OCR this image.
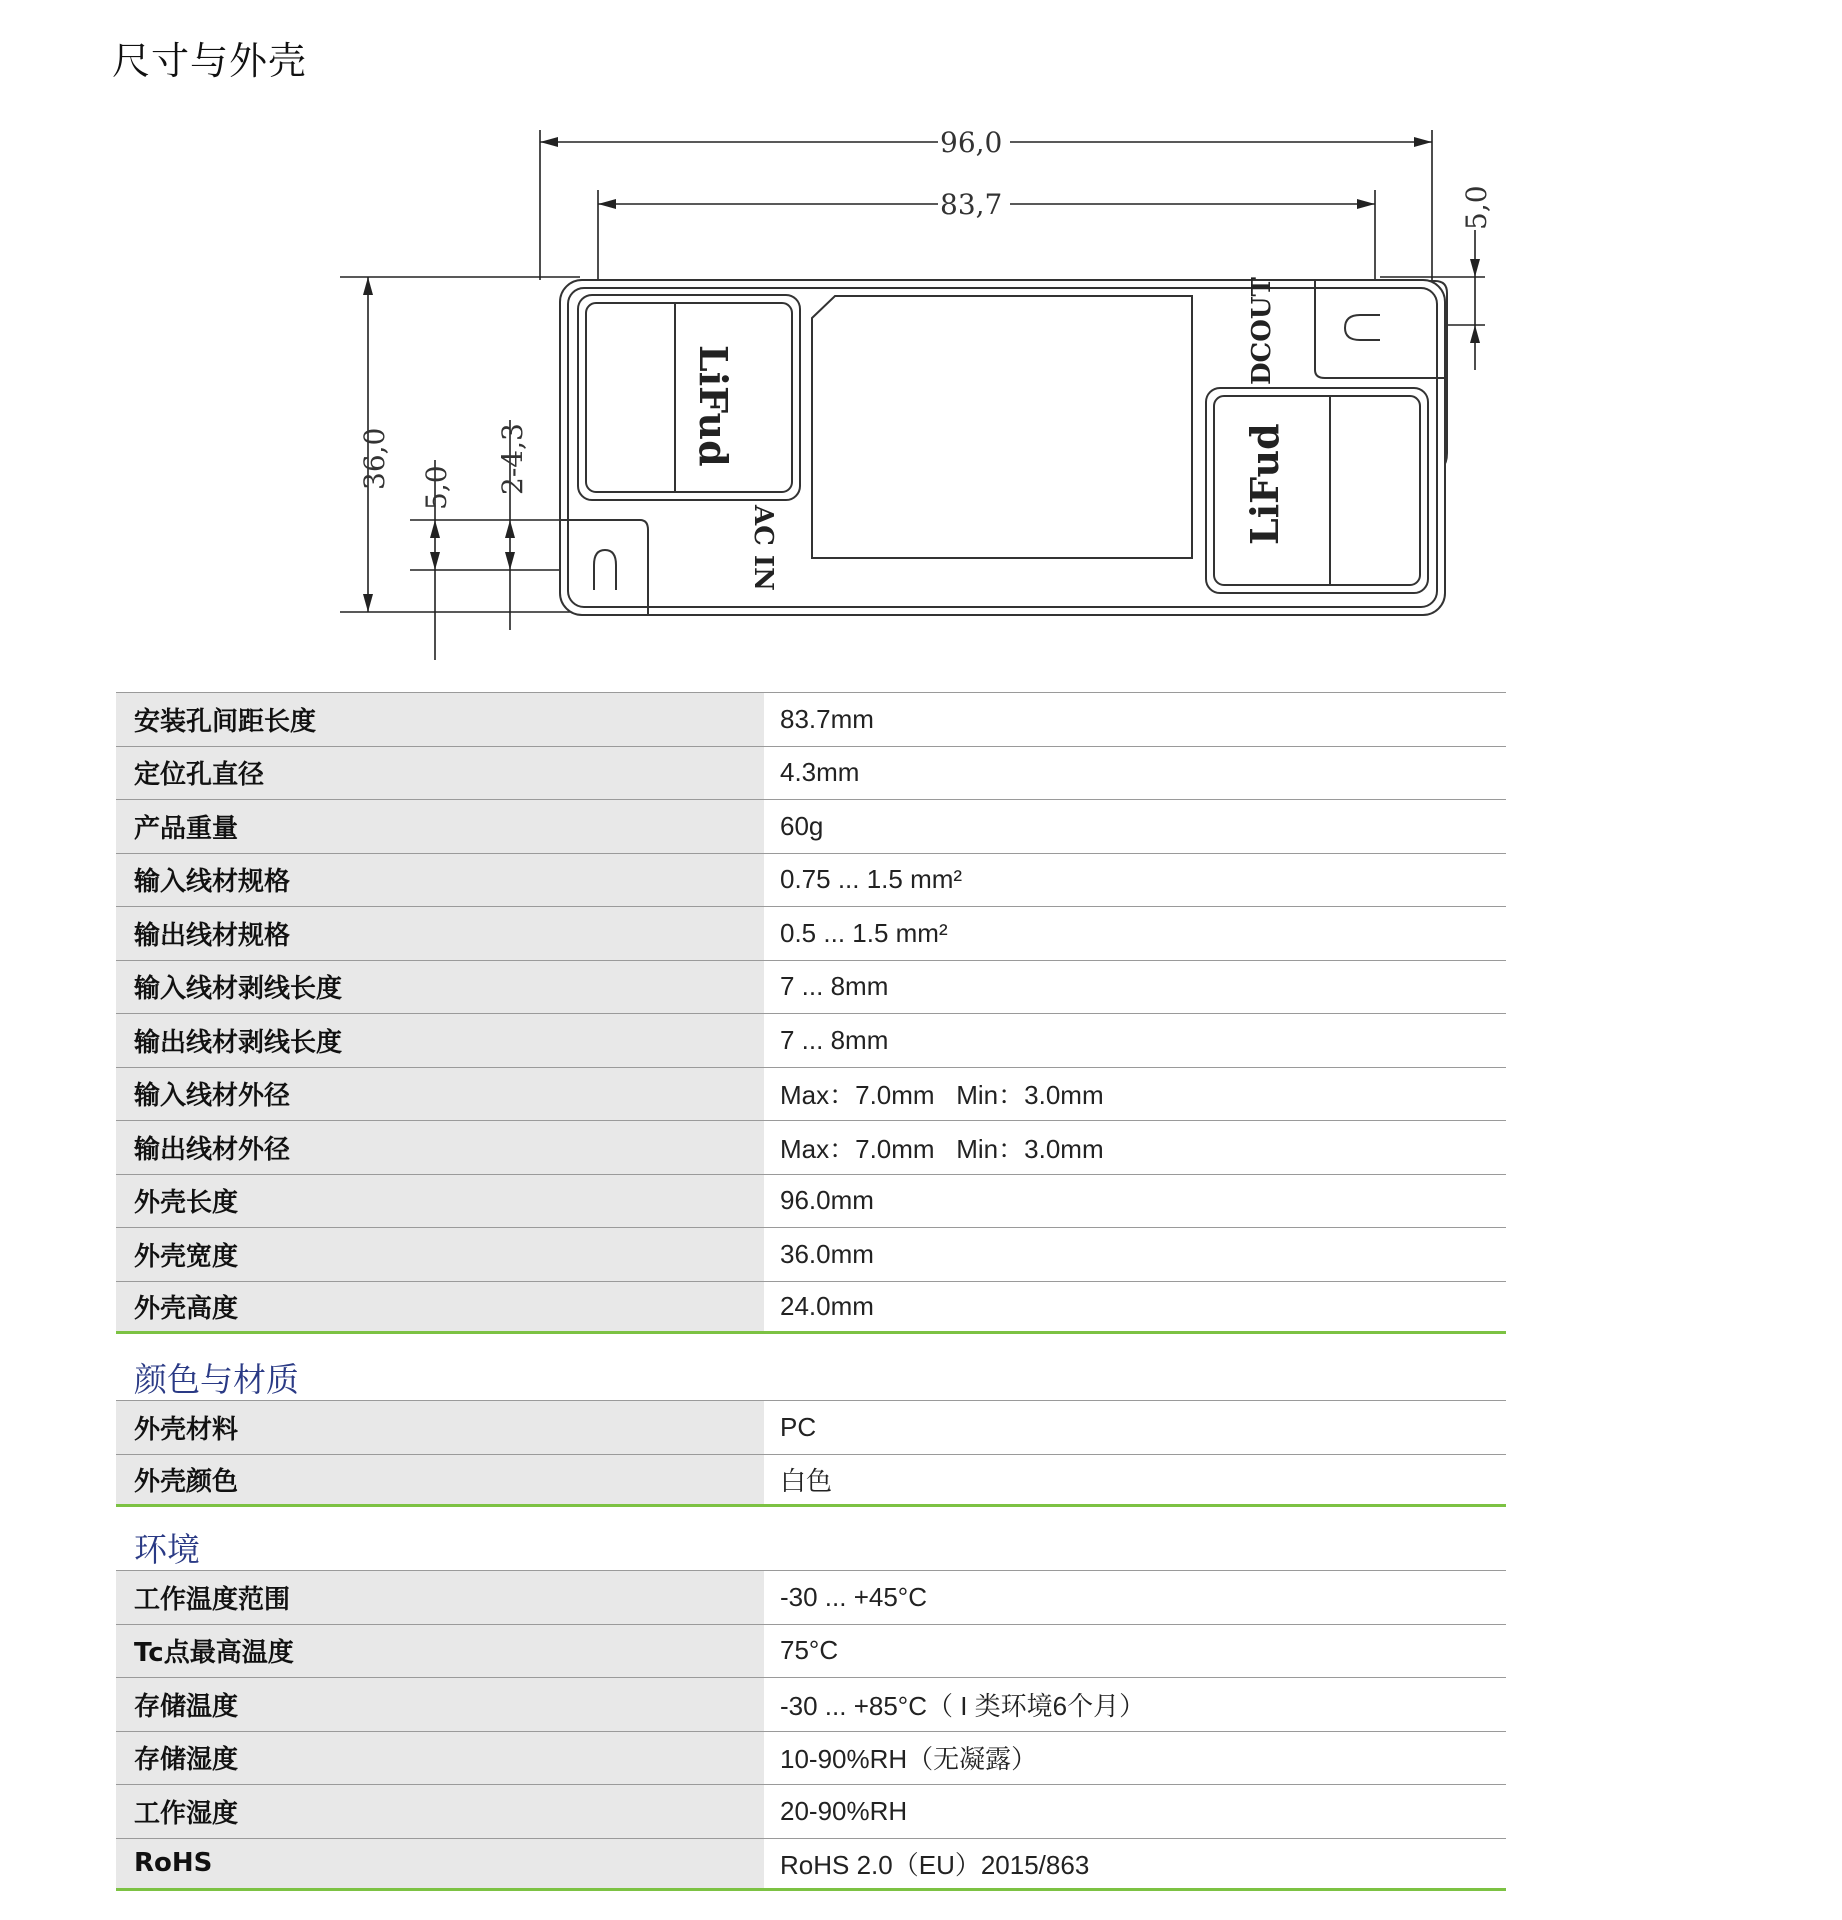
尺寸与外壳
96,0
83,7	5,0
36,0 5,0 2-4,3
AC IN
DCOUT
LiFud
LiFud
安装孔间距长度	83.7mm
定位孔直径	4.3mm
产品重量	60g
输入线材规格	0.75 ... 1.5 mm²
输出线材规格	0.5 ... 1.5 mm²
输入线材剥线长度	7 ... 8mm
输出线材剥线长度	7 ... 8mm
输入线材外径	Max：7.0mm   Min：3.0mm
输出线材外径	Max：7.0mm   Min：3.0mm
外壳长度	96.0mm
外壳宽度	36.0mm
外壳高度	24.0mm
颜色与材质
外壳材料	PC
外壳颜色	白色
环境
工作温度范围	-30 ... +45°C
Tc点最高温度	75°C
存储温度	-30 ... +85°C（ I 类环境6个月）
存储湿度	10-90%RH（无凝露）
工作湿度	20-90%RH
RoHS	RoHS 2.0（EU）2015/863
